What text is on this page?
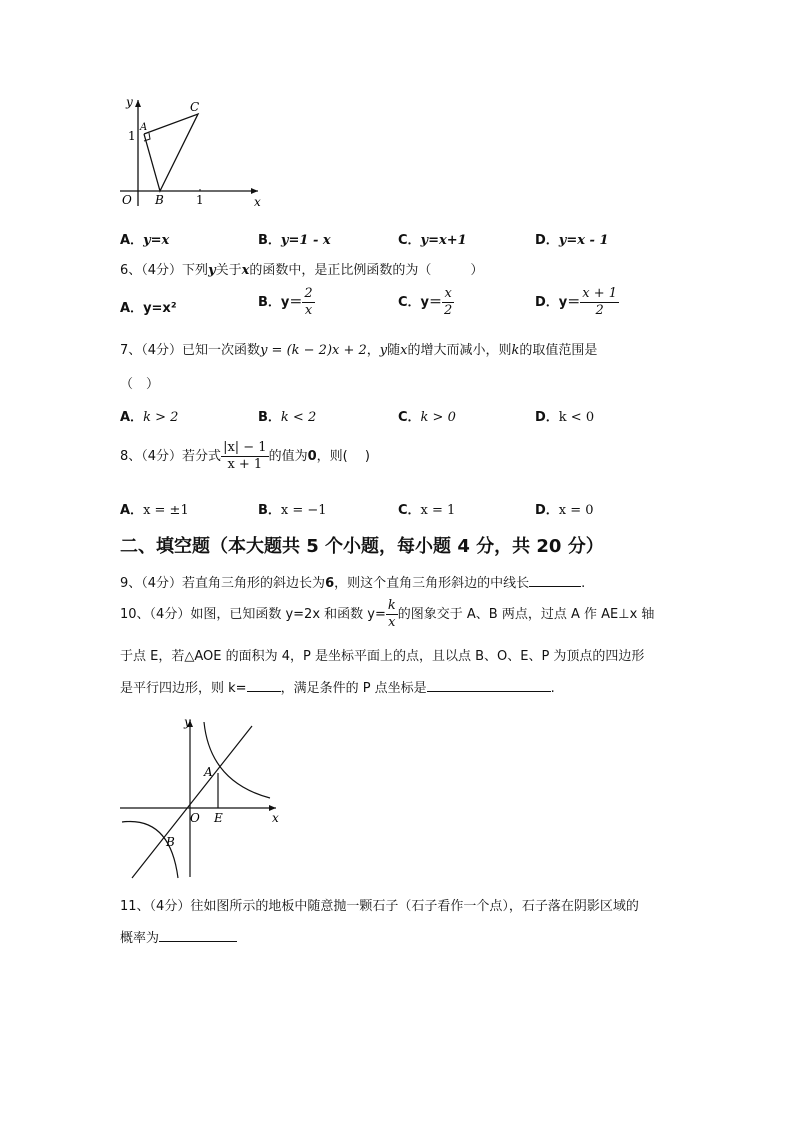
y
x
O
A
B
C
1
1
A．y=x	B．y=1 - x	C．y=x+1	D．y=x - 1
6、（4分）下列y关于x的函数中，是正比例函数的为（　　　）
A．y=x²	B．$y= \frac{2}{x}$	C．$y= \frac{x}{2}$	D．$y= \frac{x + 1}{2}$
7、（4分）已知一次函数y = (k − 2)x + 2，y随x的增大而减小，则k的取值范围是
（　）
A．k > 2	B．k < 2	C．k > 0	D．k < 0
8、（4分）若分式 $\frac{|x| - 1}{x + 1}$ 的值为0，则(　 )
A．x = ±1	B．x = −1	C．x = 1	D．x = 0
二、填空题（本大题共 5 个小题，每小题 4 分，共 20 分）
9、（4分）若直角三角形的斜边长为6，则这个直角三角形斜边的中线长	.
10、（4分）如图，已知函数 y=2x 和函数 $y= \frac{k}{x}$ 的图象交于 A、B 两点，过点 A 作 AE⊥x 轴
于点 E，若△AOE 的面积为 4，P 是坐标平面上的点，且以点 B、O、E、P 为顶点的四边形
是平行四边形，则 k=	，满足条件的 P 点坐标是	.
y
x
O
A
B
E
11、（4分）往如图所示的地板中随意抛一颗石子（石子看作一个点），石子落在阴影区域的
概率为
